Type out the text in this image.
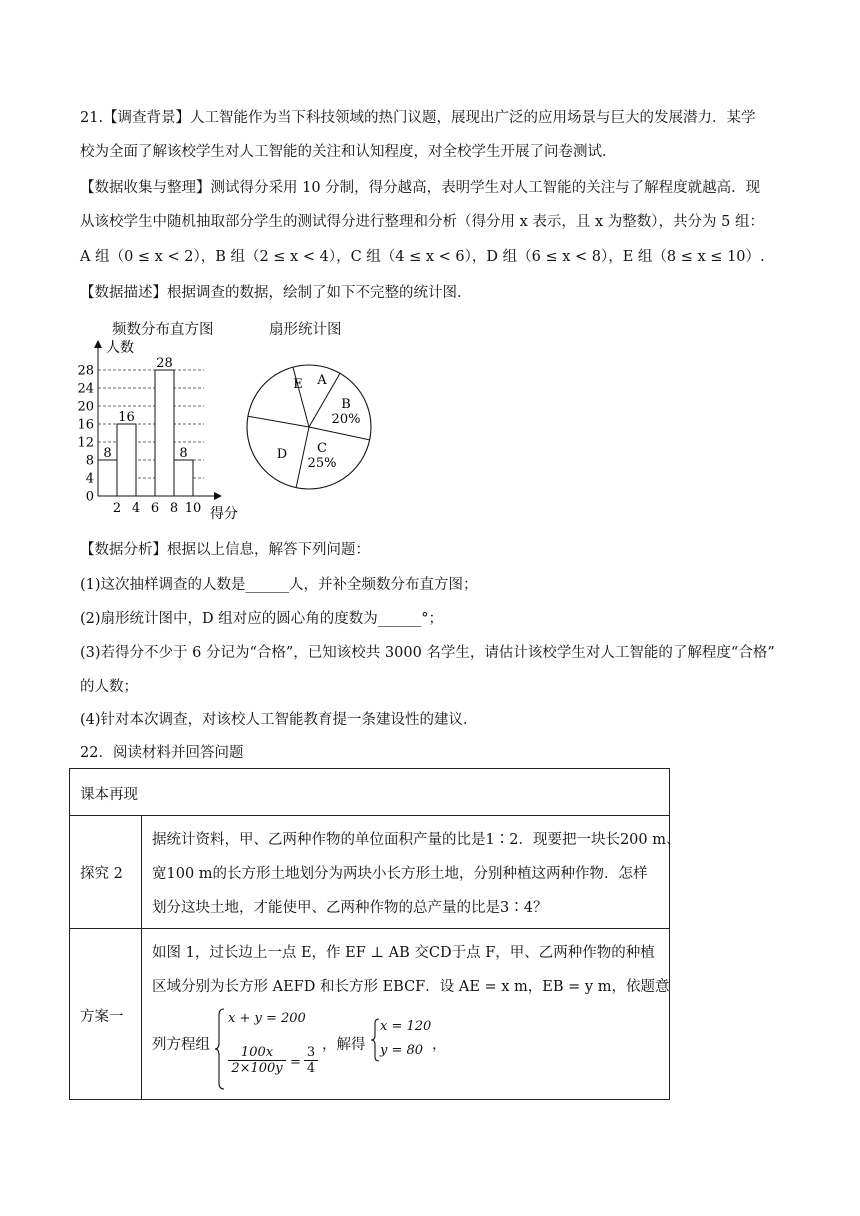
21.【调查背景】人工智能作为当下科技领域的热门议题，展现出广泛的应用场景与巨大的发展潜力．某学
校为全面了解该校学生对人工智能的关注和认知程度，对全校学生开展了问卷测试．
【数据收集与整理】测试得分采用 10 分制，得分越高，表明学生对人工智能的关注与了解程度就越高．现
从该校学生中随机抽取部分学生的测试得分进行整理和分析（得分用 x 表示，且 x 为整数），共分为 5 组：
A 组（0 ≤ x < 2），B 组（2 ≤ x < 4），C 组（4 ≤ x < 6），D 组（6 ≤ x < 8），E 组（8 ≤ x ≤ 10）.
【数据描述】根据调查的数据，绘制了如下不完整的统计图．
频数分布直方图	扇形统计图
8
16
28
8
0
4
8
12
16
20
24
28
2 4 6 8 10
人数
得分
A
B
20%
C
25%
D
E
【数据分析】根据以上信息，解答下列问题：
(1)这次抽样调查的人数是______人，并补全频数分布直方图；
(2)扇形统计图中，D 组对应的圆心角的度数为______°；
(3)若得分不少于 6 分记为“合格”，已知该校共 3000 名学生，请估计该校学生对人工智能的了解程度“合格”
的人数；
(4)针对本次调查，对该校人工智能教育提一条建设性的建议．
22．阅读材料并回答问题
课本再现
探究 2
据统计资料，甲、乙两种作物的单位面积产量的比是1∶2．现要把一块长200 m、
宽100 m的长方形土地划分为两块小长方形土地，分别种植这两种作物．怎样
划分这块土地，才能使甲、乙两种作物的总产量的比是3∶4？
方案一
如图 1，过长边上一点 E，作 EF ⊥ AB 交CD于点 F，甲、乙两种作物的种植
区域分别为长方形 AEFD 和长方形 EBCF．设 AE = x m，EB = y m，依题意
列方程组
x + y = 200
$\frac{100x}{2\times 100y} = \frac{3}{4}$ ，解得
x = 120
y = 80 ，
